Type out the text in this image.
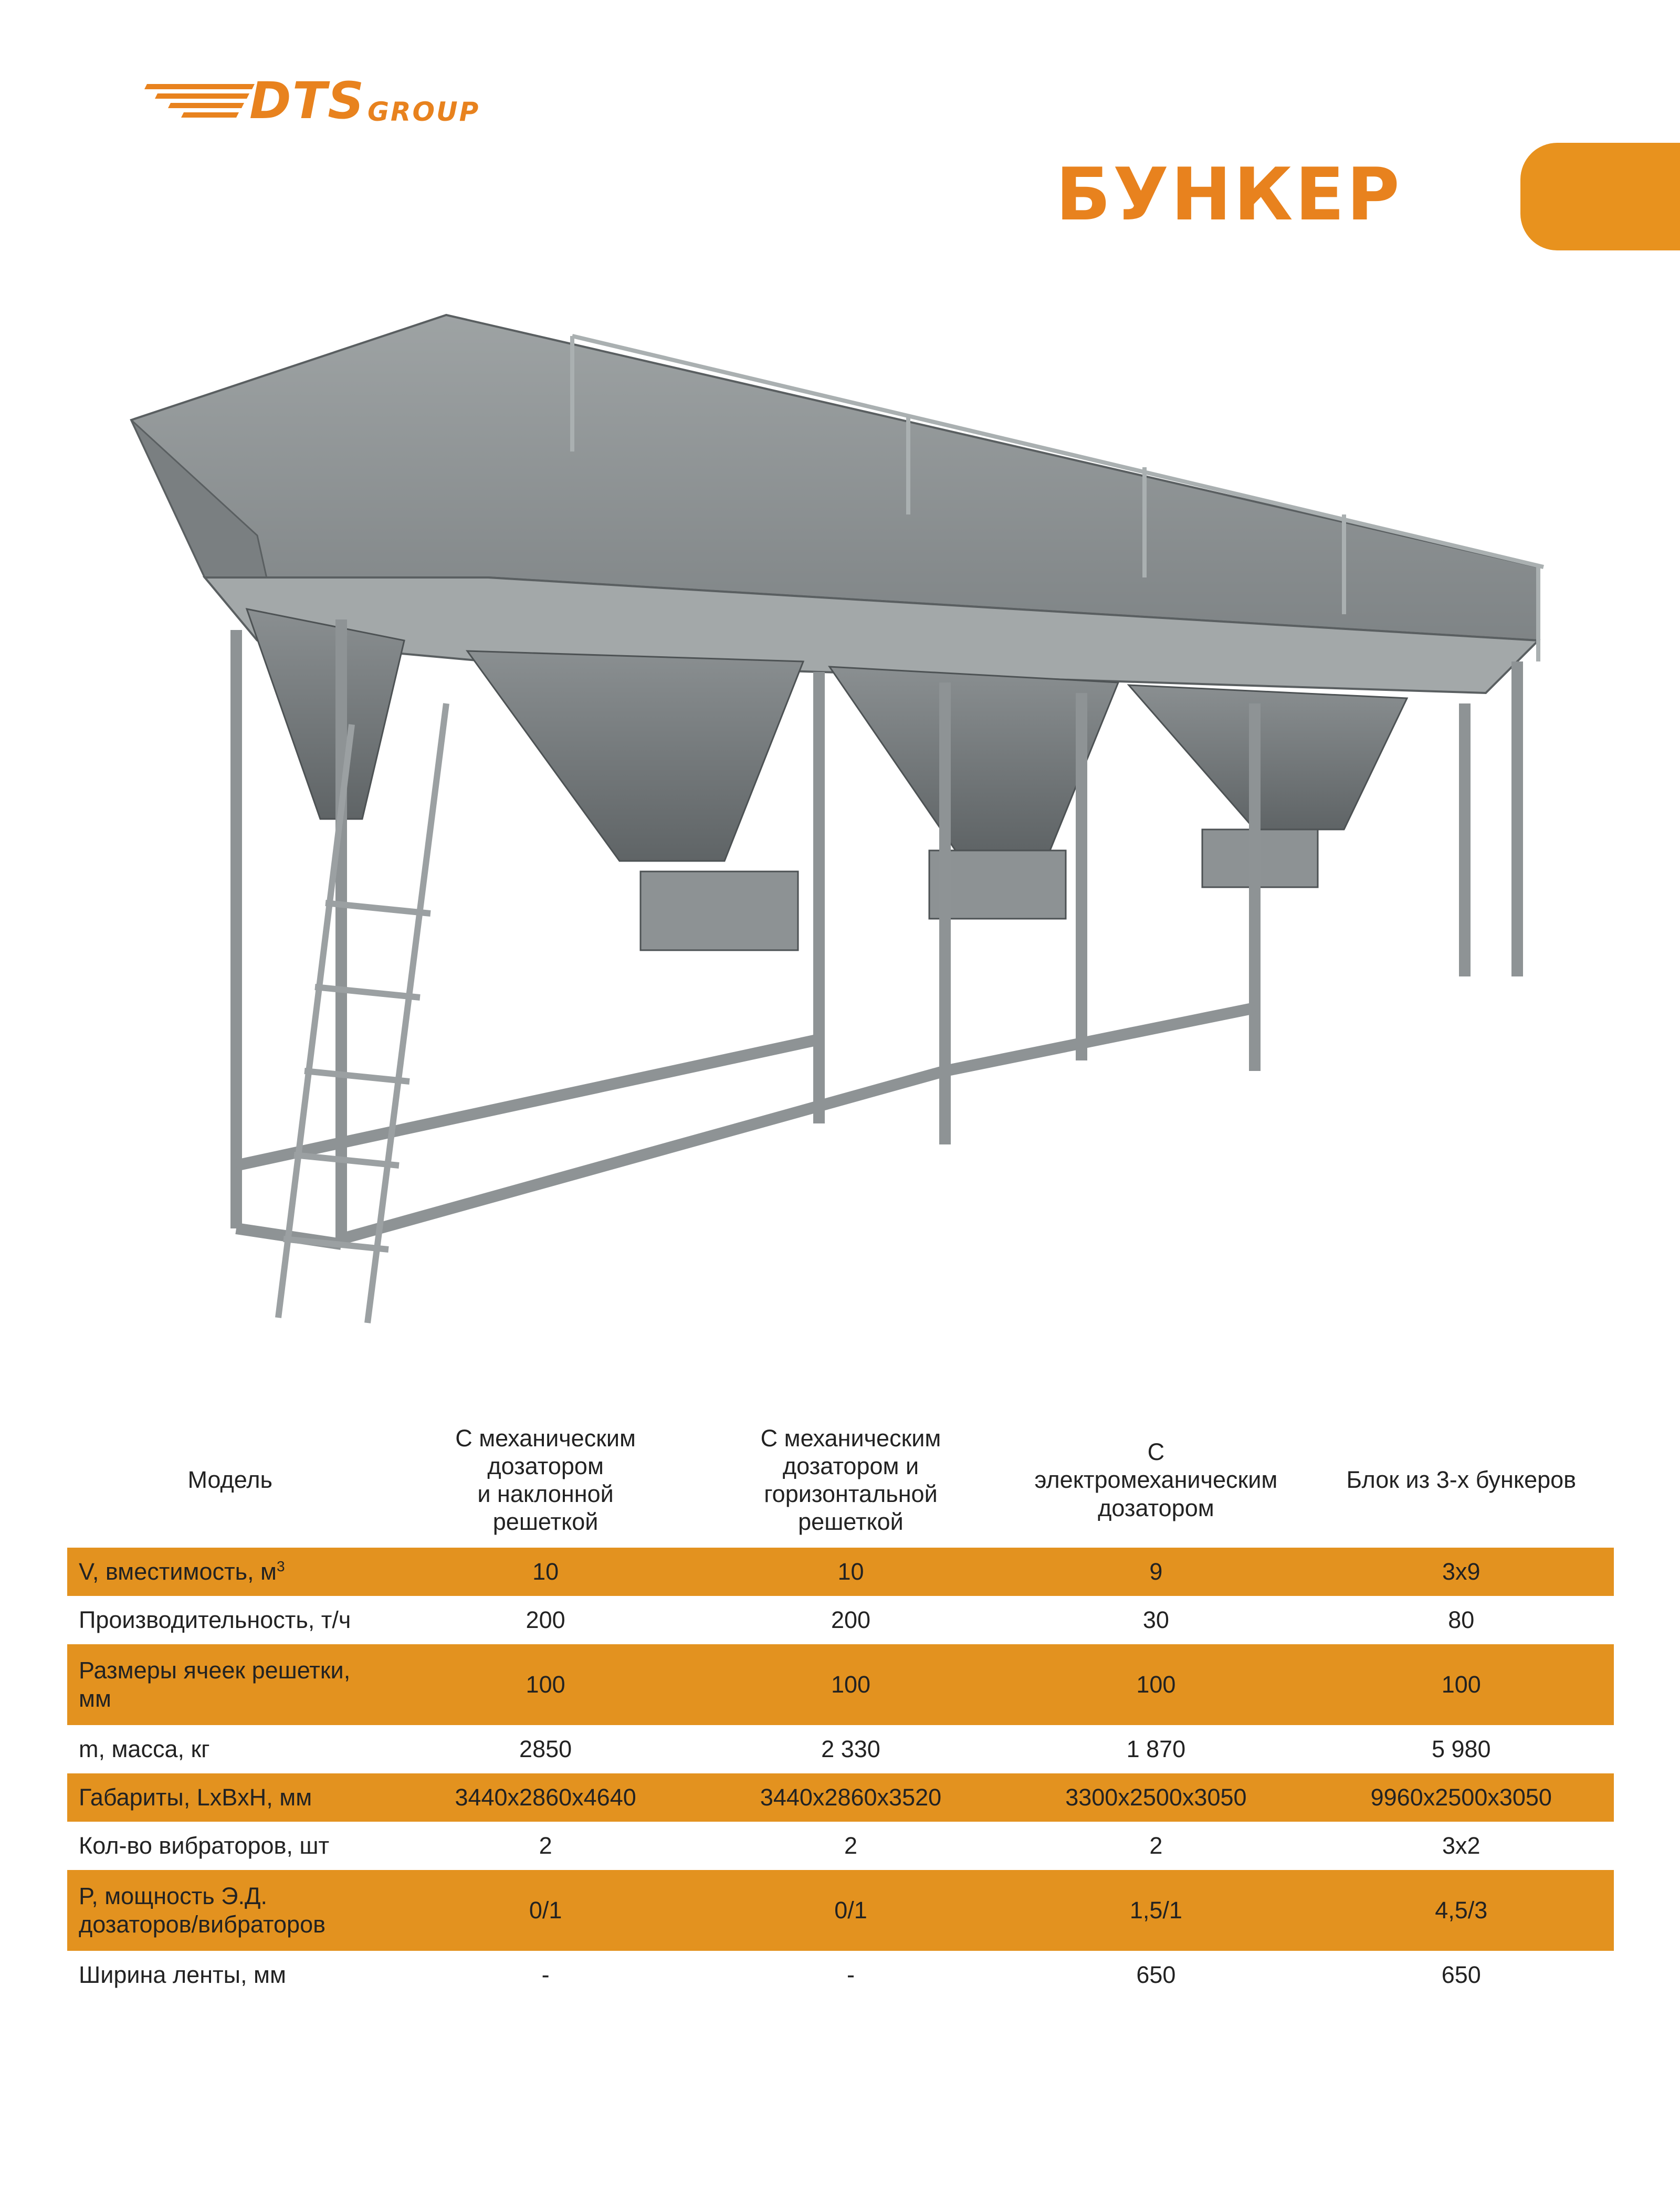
DTS GROUP
БУНКЕР
Модель	С механическим
дозатором
и наклонной
решеткой	С механическим
дозатором и
горизонтальной
решеткой	С
электромеханическим
дозатором	Блок из 3-х бункеров
V, вместимость, $м^3$	10	10	9	3x9
Производительность, т/ч	200	200	30	80
Размеры ячеек решетки, мм	100	100	100	100
m, масса, кг	2850	2 330	1 870	5 980
Габариты, LxBxH, мм	3440x2860x4640	3440x2860x3520	3300x2500x3050	9960x2500x3050
Кол-во вибраторов, шт	2	2	2	3x2
P, мощность Э.Д. дозаторов/вибраторов	0/1	0/1	1,5/1	4,5/3
Ширина ленты, мм	-	-	650	650
